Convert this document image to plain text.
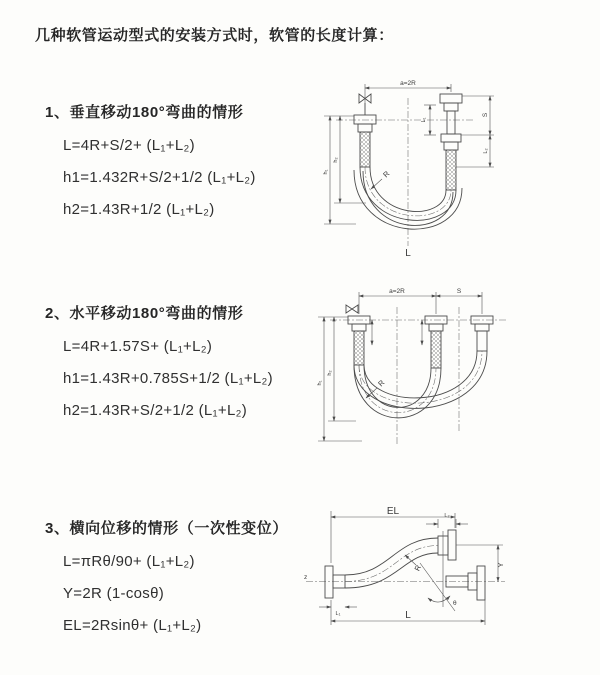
几种软管运动型式的安装方式时，软管的长度计算：
1、垂直移动180°弯曲的情形
L=4R+S/2+ (L₁+L₂)
h1=1.432R+S/2+1/2 (L₁+L₂)
h2=1.43R+1/2 (L₁+L₂)
a=2R
S
L₂
h₁
h₂
L₁
R
L
2、水平移动180°弯曲的情形
L=4R+1.57S+ (L₁+L₂)
h1=1.43R+0.785S+1/2 (L₁+L₂)
h2=1.43R+S/2+1/2 (L₁+L₂)
a=2R	S
h₁
h₂
R
3、横向位移的情形（一次性变位）
L=πRθ/90+ (L₁+L₂)
Y=2R (1-cosθ)
EL=2Rsinθ+ (L₁+L₂)
z
θ
R
EL	L₂
Y
L
L₁
